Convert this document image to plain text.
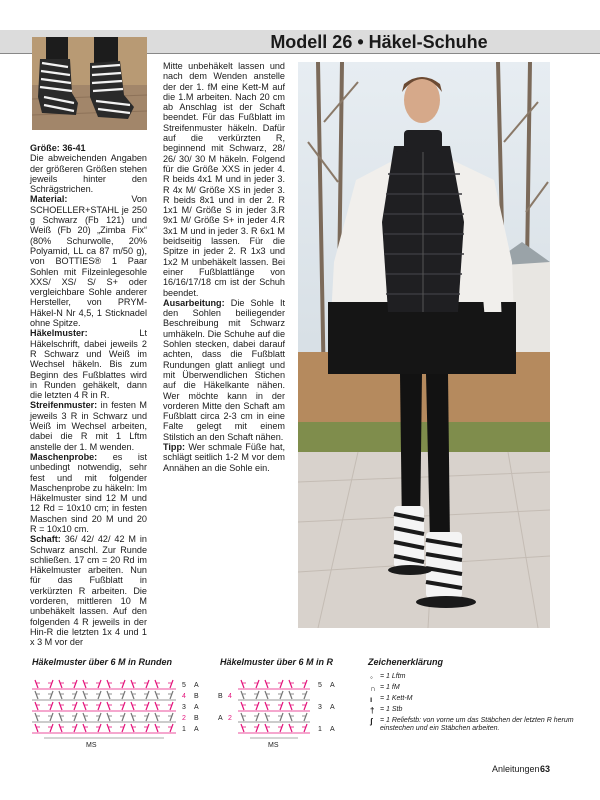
Modell 26 • Häkel-Schuhe

Größe: 36-41

Die abweichenden Angaben der größeren Größen stehen jeweils hinter den Schrägstrichen.

Material: Von SCHOELLER+STAHL je 250 g Schwarz (Fb 121) und Weiß (Fb 20) „Zimba Fix“ (80% Schurwolle, 20% Polyamid, LL ca 87 m/50 g), von BOTTIES® 1 Paar Sohlen mit Filzeinlegesohle XXS/ XS/ S/ S+ oder vergleichbare Sohle anderer Hersteller, von PRYM- Häkel-N Nr 4,5, 1 Sticknadel ohne Spitze.

Häkelmuster: Lt Häkelschrift, dabei jeweils 2 R Schwarz und Weiß im Wechsel häkeln. Bis zum Beginn des Fußblattes wird in Runden gehäkelt, dann die letzten 4 R in R.

Streifenmuster: in festen M jeweils 3 R in Schwarz und Weiß im Wechsel arbeiten, dabei die R mit 1 Lftm anstelle der 1. M wenden.

Maschenprobe: es ist unbedingt notwendig, sehr fest und mit folgender Maschenprobe zu häkeln: Im Häkelmuster sind 12 M und 12 Rd = 10x10 cm; in festen Maschen sind 20 M und 20 R = 10x10 cm.

Schaft: 36/ 42/ 42/ 42 M in Schwarz anschl. Zur Runde schließen. 17 cm = 20 Rd im Häkelmuster arbeiten. Nun für das Fußblatt in verkürzten R arbeiten. Die vorderen, mittleren 10 M unbehäkelt lassen. Auf den folgenden 4 R jeweils in der Hin-R die letzten 1x 4 und 1 x 3 M vor der

Mitte unbehäkelt lassen und nach dem Wenden anstelle der der 1. fM eine Kett-M auf die 1.M arbeiten. Nach 20 cm ab Anschlag ist der Schaft beendet. Für das Fußblatt im Streifenmuster häkeln. Dafür auf die verkürzten R, beginnend mit Schwarz, 28/ 26/ 30/ 30 M häkeln. Folgend für die Größe XXS in jeder 4. R beids 4x1 M und in jeder 3. R 4x M/ Größe XS in jeder 3. R beids 8x1 und in der 2. R 1x1 M/ Größe S in jeder 3.R 9x1 M/ Größe S+ in jeder 4.R 3x1 M und in jeder 3. R 6x1 M beidseitig lassen. Für die Spitze in jeder 2. R 1x3 und 1x2 M unbehäkelt lassen. Bei einer Fußblattlänge von 16/16/17/18 cm ist der Schuh beendet.

Ausarbeitung: Die Sohle It den Sohlen beiliegender Beschreibung mit Schwarz umhäkeln. Die Schuhe auf die Sohlen stecken, dabei darauf achten, dass die Fußblatt Rundungen glatt anliegt und mit Überwendlichen Stichen auf die Häkelkante nähen. Wer möchte kann in der vorderen Mitte den Schaft am Fußblatt circa 2-3 cm in eine Falte gelegt mit einem Stilstich an den Schaft nähen.

Tipp: Wer schmale Füße hat, schlägt seitlich 1-2 M vor dem Annähen an die Sohle ein.

Häkelmuster über 6 M in Runden	Häkelmuster über 6 M in R	Zeichenerklärung
5
4
3
2
1
A
B
A
B
A
MS
B
A
4
2
5
3
1
A
A
A
MS
◦ = 1 Lftm
∩ = 1 fM
ı = 1 Kett-M
† = 1 Stb
ʃ = 1 Reliefstb: von vorne um das Stäbchen der letzten R herum einstechen und ein Stäbchen arbeiten.
Anleitungen 63
PassionForum.ru
